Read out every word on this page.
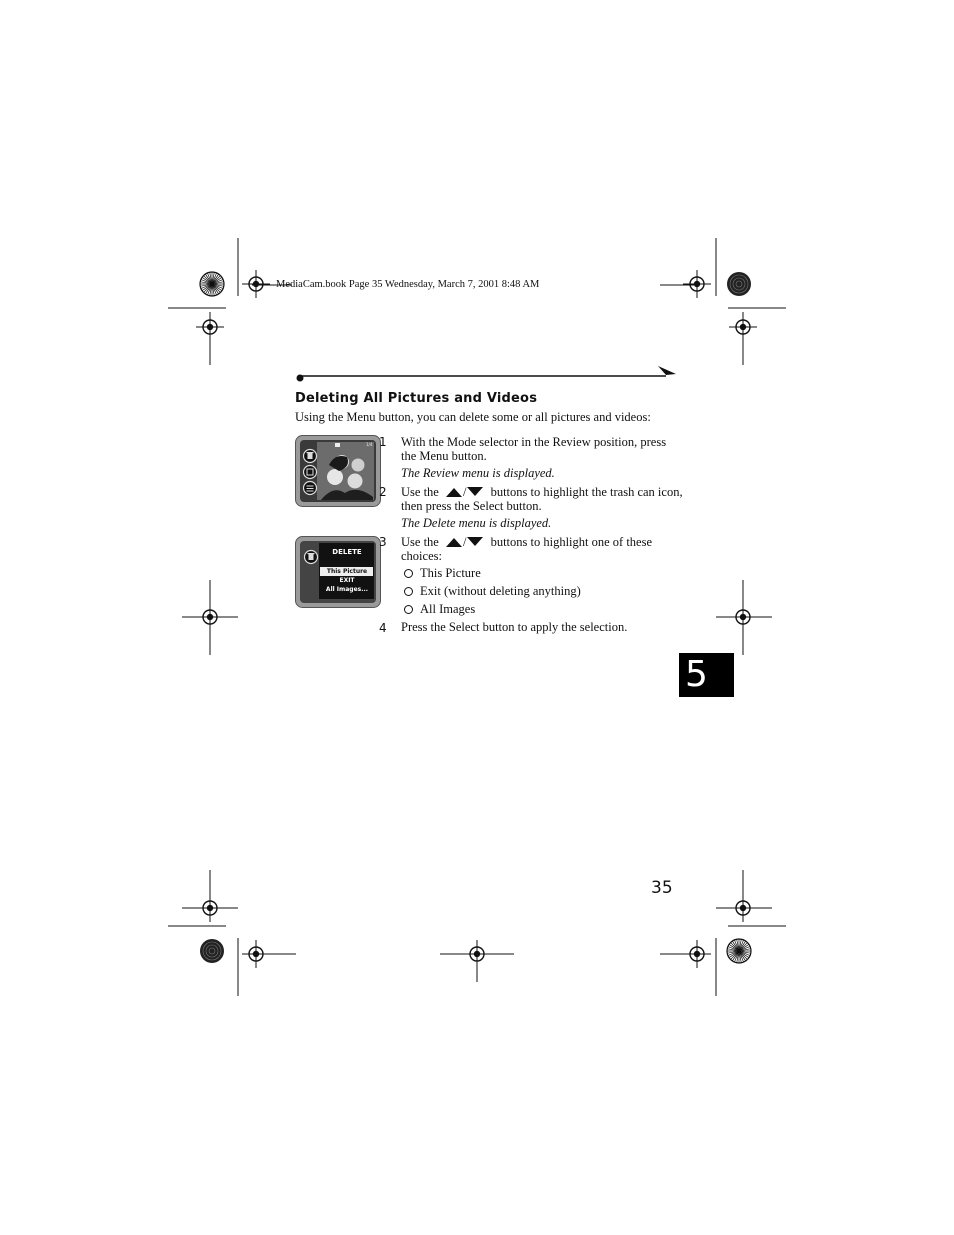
MediaCam.book Page 35 Wednesday, March 7, 2001 8:48 AM
Deleting All Pictures and Videos
Using the Menu button, you can delete some or all pictures and videos:
1/4
DELETE
This Picture
EXIT
All Images...
1 With the Mode selector in the Review position, press the Menu button.
The Review menu is displayed.
2 Use the / buttons to highlight the trash can icon,
then press the Select button.
The Delete menu is displayed.
3 Use the / buttons to highlight one of these
choices:
This Picture
Exit (without deleting anything)
All Images
4 Press the Select button to apply the selection.
5
35
